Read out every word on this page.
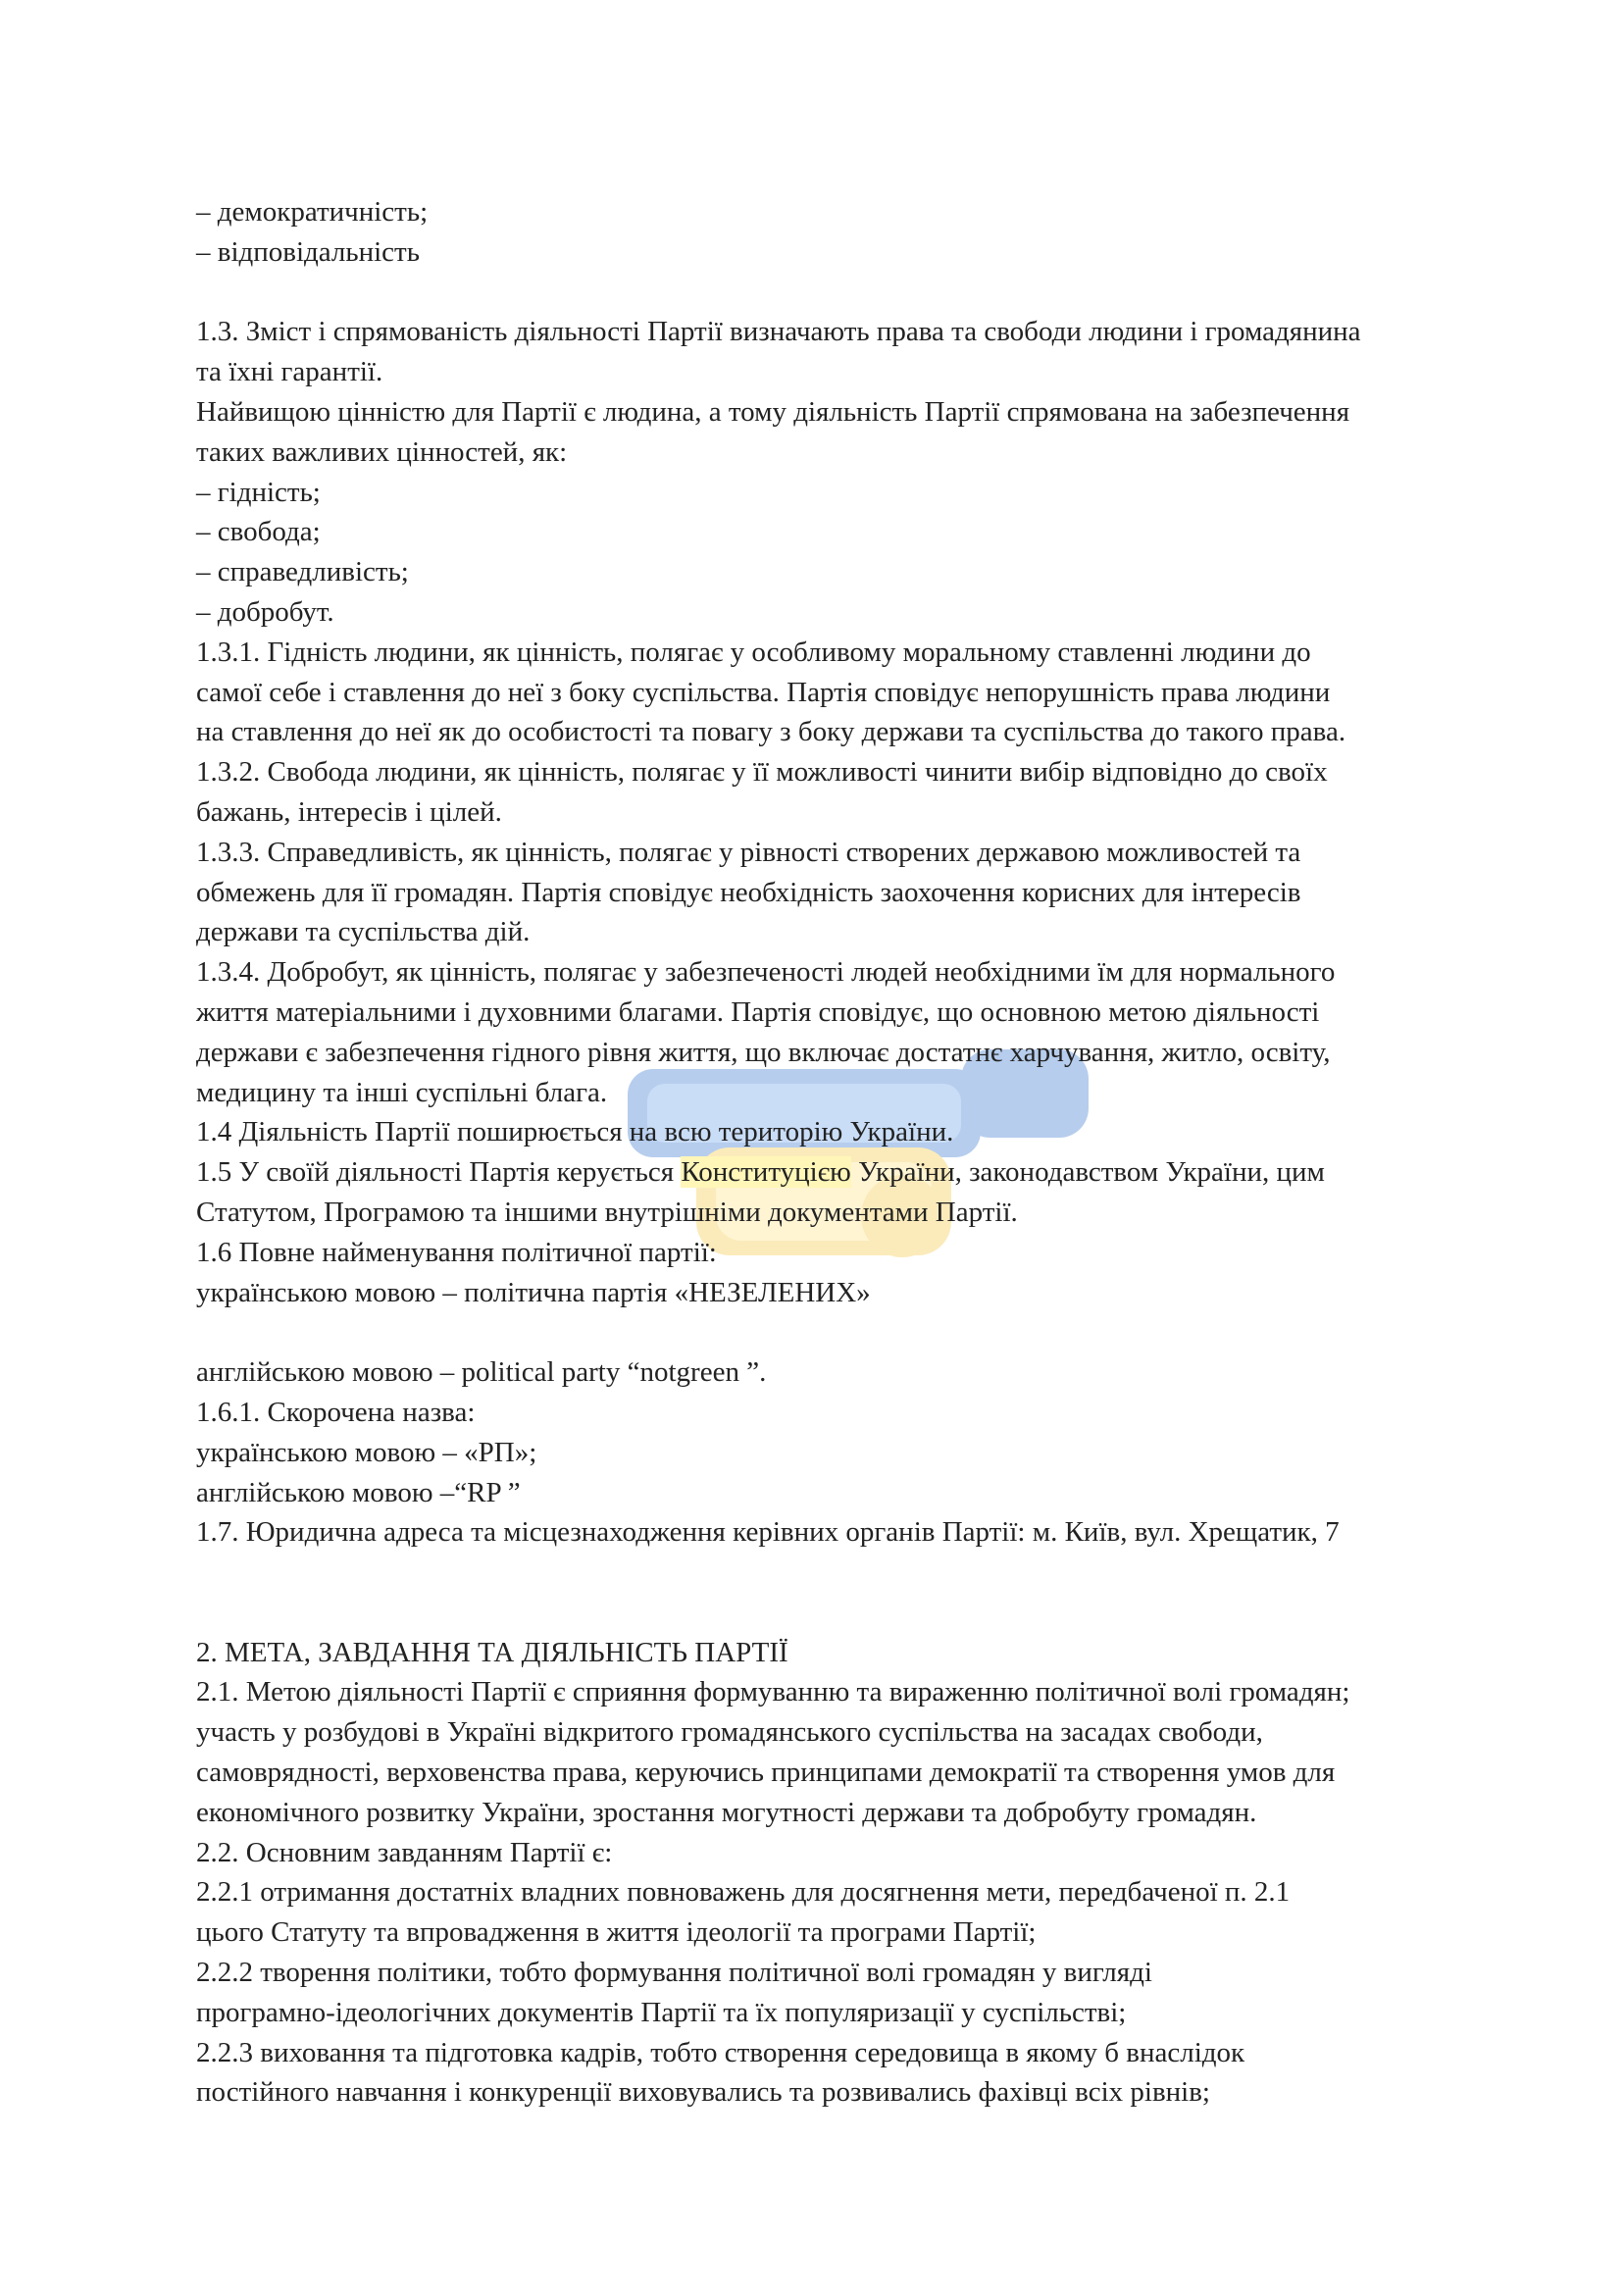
– демократичність;
– відповідальність
1.3. Зміст і спрямованість діяльності Партії визначають права та свободи людини і громадянина
та їхні гарантії.
Найвищою цінністю для Партії є людина, а тому діяльність Партії спрямована на забезпечення
таких важливих цінностей, як:
– гідність;
– свобода;
– справедливість;
– добробут.
1.3.1. Гідність людини, як цінність, полягає у особливому моральному ставленні людини до
самої себе і ставлення до неї з боку суспільства. Партія сповідує непорушність права людини
на ставлення до неї як до особистості та повагу з боку держави та суспільства до такого права.
1.3.2. Свобода людини, як цінність, полягає у її можливості чинити вибір відповідно до своїх
бажань, інтересів і цілей.
1.3.3. Справедливість, як цінність, полягає у рівності створених державою можливостей та
обмежень для її громадян. Партія сповідує необхідність заохочення корисних для інтересів
держави та суспільства дій.
1.3.4. Добробут, як цінність, полягає у забезпеченості людей необхідними їм для нормального
життя матеріальними і духовними благами. Партія сповідує, що основною метою діяльності
держави є забезпечення гідного рівня життя, що включає достатнє харчування, житло, освіту,
медицину та інші суспільні блага.
1.4 Діяльність Партії поширюється на всю територію України.
1.5 У своїй діяльності Партія керується Конституцією України, законодавством України, цим
Статутом, Програмою та іншими внутрішніми документами Партії.
1.6 Повне найменування політичної партії:
українською мовою – політична партія «НЕЗЕЛЕНИХ»
англійською мовою – political party “notgreen ”.
1.6.1. Скорочена назва:
українською мовою – «РП»;
англійською мовою –“RP ”
1.7. Юридична адреса та місцезнаходження керівних органів Партії: м. Київ, вул. Хрещатик, 7
2. МЕТА, ЗАВДАННЯ ТА ДІЯЛЬНІСТЬ ПАРТІЇ
2.1. Метою діяльності Партії є сприяння формуванню та вираженню політичної волі громадян;
участь у розбудові в Україні відкритого громадянського суспільства на засадах свободи,
самоврядності, верховенства права, керуючись принципами демократії та створення умов для
економічного розвитку України, зростання могутності держави та добробуту громадян.
2.2. Основним завданням Партії є:
2.2.1 отримання достатніх владних повноважень для досягнення мети, передбаченої п. 2.1
цього Статуту та впровадження в життя ідеології та програми Партії;
2.2.2 творення політики, тобто формування політичної волі громадян у вигляді
програмно-ідеологічних документів Партії та їх популяризації у суспільстві;
2.2.3 виховання та підготовка кадрів, тобто створення середовища в якому б внаслідок
постійного навчання і конкуренції виховувались та розвивались фахівці всіх рівнів;
